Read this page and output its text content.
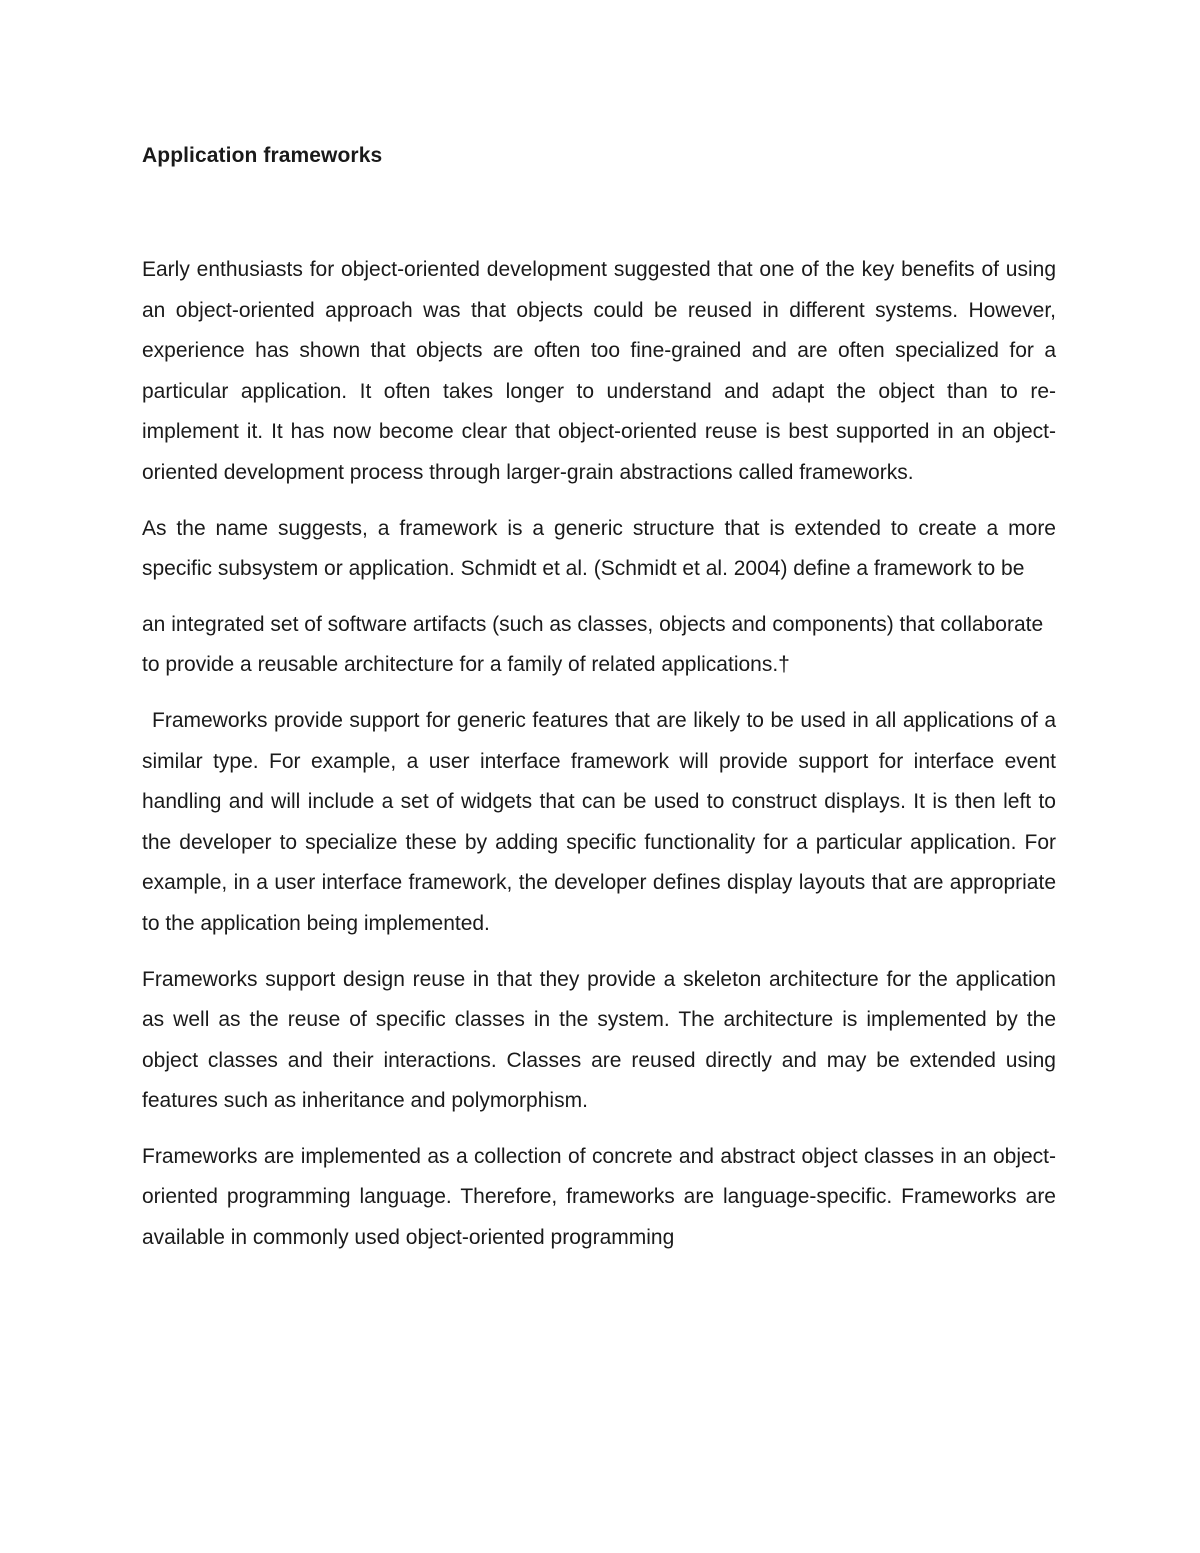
Application frameworks

Early enthusiasts for object-oriented development suggested that one of the key benefits of using an object-oriented approach was that objects could be reused in different systems. However, experience has shown that objects are often too fine-grained and are often specialized for a particular application. It often takes longer to understand and adapt the object than to re-implement it. It has now become clear that object-oriented reuse is best supported in an object-oriented development process through larger-grain abstractions called frameworks.

As the name suggests, a framework is a generic structure that is extended to create a more specific subsystem or application. Schmidt et al. (Schmidt et al. 2004) define a framework to be

an integrated set of software artifacts (such as classes, objects and components) that collaborate to provide a reusable architecture for a family of related applications.†

Frameworks provide support for generic features that are likely to be used in all applications of a similar type. For example, a user interface framework will provide support for interface event handling and will include a set of widgets that can be used to construct displays. It is then left to the developer to specialize these by adding specific functionality for a particular application. For example, in a user interface framework, the developer defines display layouts that are appropriate to the application being implemented.

Frameworks support design reuse in that they provide a skeleton architecture for the application as well as the reuse of specific classes in the system. The architecture is implemented by the object classes and their interactions. Classes are reused directly and may be extended using features such as inheritance and polymorphism.

Frameworks are implemented as a collection of concrete and abstract object classes in an object-oriented programming language. Therefore, frameworks are language-specific. Frameworks are available in commonly used object-oriented programming
